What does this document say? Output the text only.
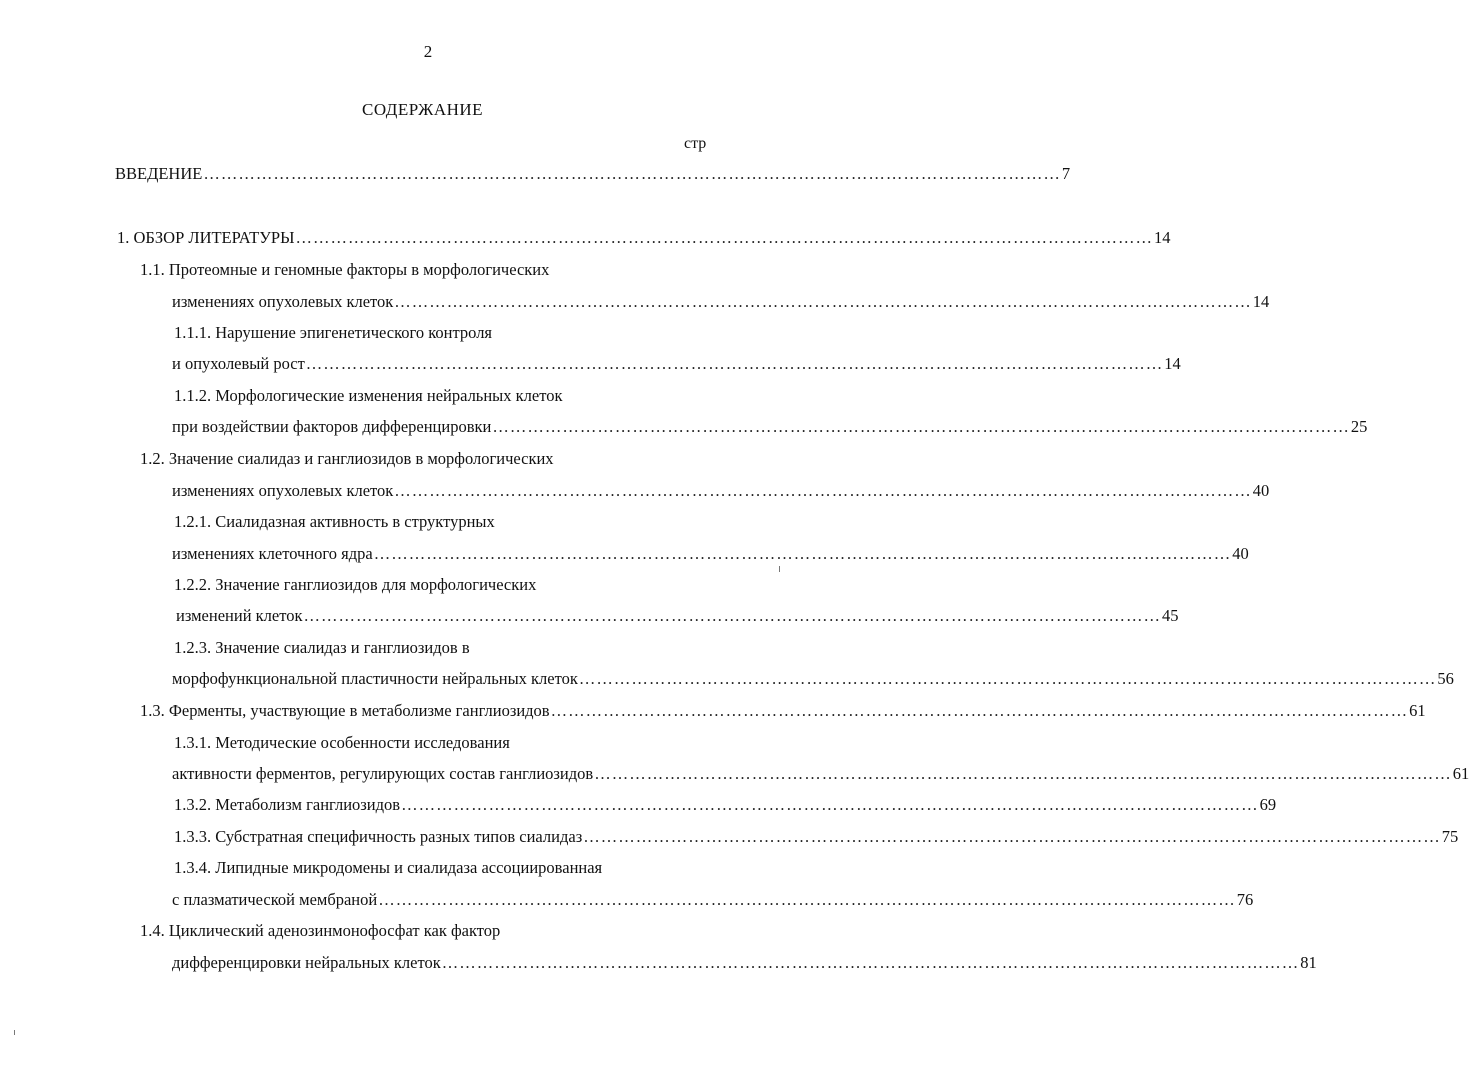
2
СОДЕРЖАНИЕ
стр
ВВЕДЕНИЕ ………………………………………………………………………………………………………………………………… 7
1. ОБЗОР ЛИТЕРАТУРЫ ………………………………………………………………………………………………………………………………… 14
1.1. Протеомные и геномные факторы в морфологических
изменениях опухолевых клеток ………………………………………………………………………………………………………………………………… 14
1.1.1. Нарушение эпигенетического контроля
и опухолевый рост ………………………………………………………………………………………………………………………………… 14
1.1.2. Морфологические изменения нейральных клеток
при воздействии факторов дифференцировки ………………………………………………………………………………………………………………………………… 25
1.2. Значение сиалидаз и ганглиозидов в морфологических
изменениях опухолевых клеток ………………………………………………………………………………………………………………………………… 40
1.2.1. Сиалидазная активность в структурных
изменениях клеточного ядра ………………………………………………………………………………………………………………………………… 40
1.2.2. Значение ганглиозидов для морфологических
изменений клеток ………………………………………………………………………………………………………………………………… 45
1.2.3. Значение сиалидаз и ганглиозидов в
морфофункциональной пластичности нейральных клеток ………………………………………………………………………………………………………………………………… 56
1.3. Ферменты, участвующие в метаболизме ганглиозидов ………………………………………………………………………………………………………………………………… 61
1.3.1. Методические особенности исследования
активности ферментов, регулирующих состав ганглиозидов ………………………………………………………………………………………………………………………………… 61
1.3.2. Метаболизм ганглиозидов ………………………………………………………………………………………………………………………………… 69
1.3.3. Субстратная специфичность разных типов сиалидаз ………………………………………………………………………………………………………………………………… 75
1.3.4. Липидные микродомены и сиалидаза ассоциированная
с плазматической мембраной ………………………………………………………………………………………………………………………………… 76
1.4. Циклический аденозинмонофосфат как фактор
дифференцировки нейральных клеток ………………………………………………………………………………………………………………………………… 81
